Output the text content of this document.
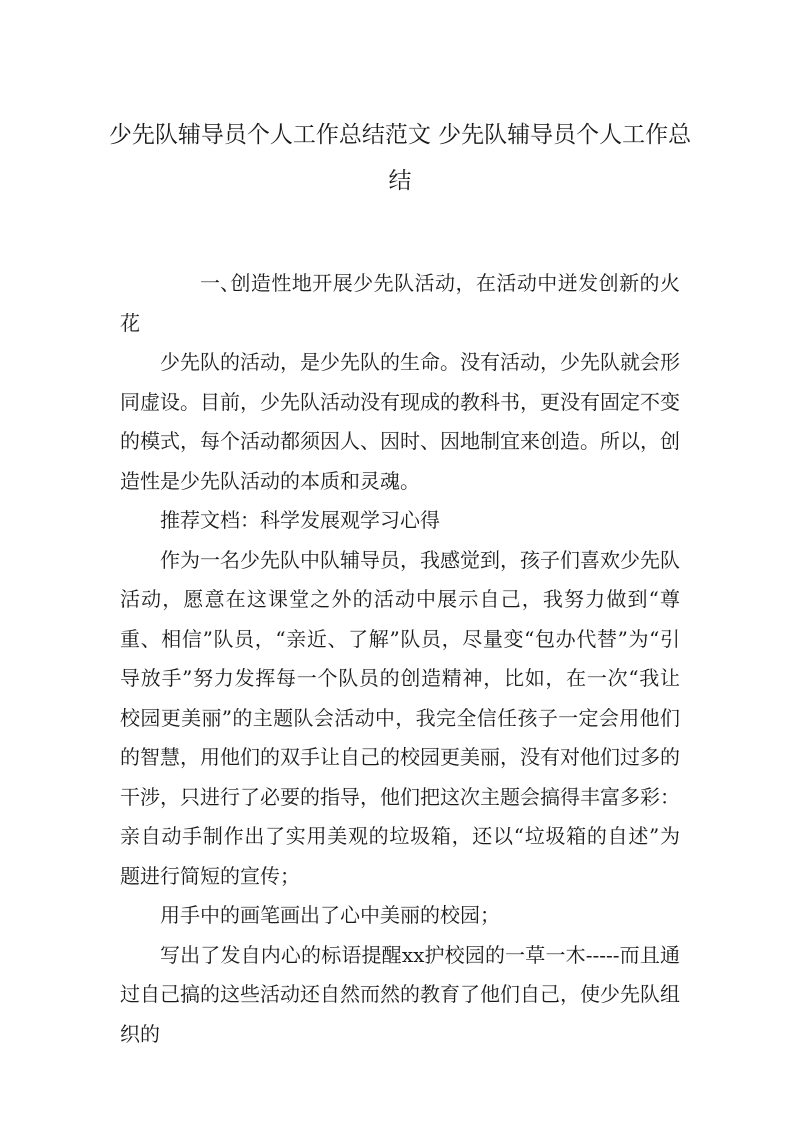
少先队辅导员个人工作总结范文 少先队辅导员个人工作总结

一、创造性地开展少先队活动，在活动中迸发创新的火花

少先队的活动，是少先队的生命。没有活动，少先队就会形同虚设。目前，少先队活动没有现成的教科书，更没有固定不变的模式，每个活动都须因人、因时、因地制宜来创造。所以，创造性是少先队活动的本质和灵魂。

推荐文档：科学发展观学习心得

作为一名少先队中队辅导员，我感觉到，孩子们喜欢少先队活动，愿意在这课堂之外的活动中展示自己，我努力做到“尊重、相信”队员，“亲近、了解”队员，尽量变“包办代替”为“引导放手”努力发挥每一个队员的创造精神，比如，在一次“我让校园更美丽”的主题队会活动中，我完全信任孩子一定会用他们的智慧，用他们的双手让自己的校园更美丽，没有对他们过多的干涉，只进行了必要的指导，他们把这次主题会搞得丰富多彩：亲自动手制作出了实用美观的垃圾箱，还以“垃圾箱的自述”为题进行简短的宣传；

用手中的画笔画出了心中美丽的校园；

写出了发自内心的标语提醒xx护校园的一草一木-----而且通过自己搞的这些活动还自然而然的教育了他们自己，使少先队组织的
